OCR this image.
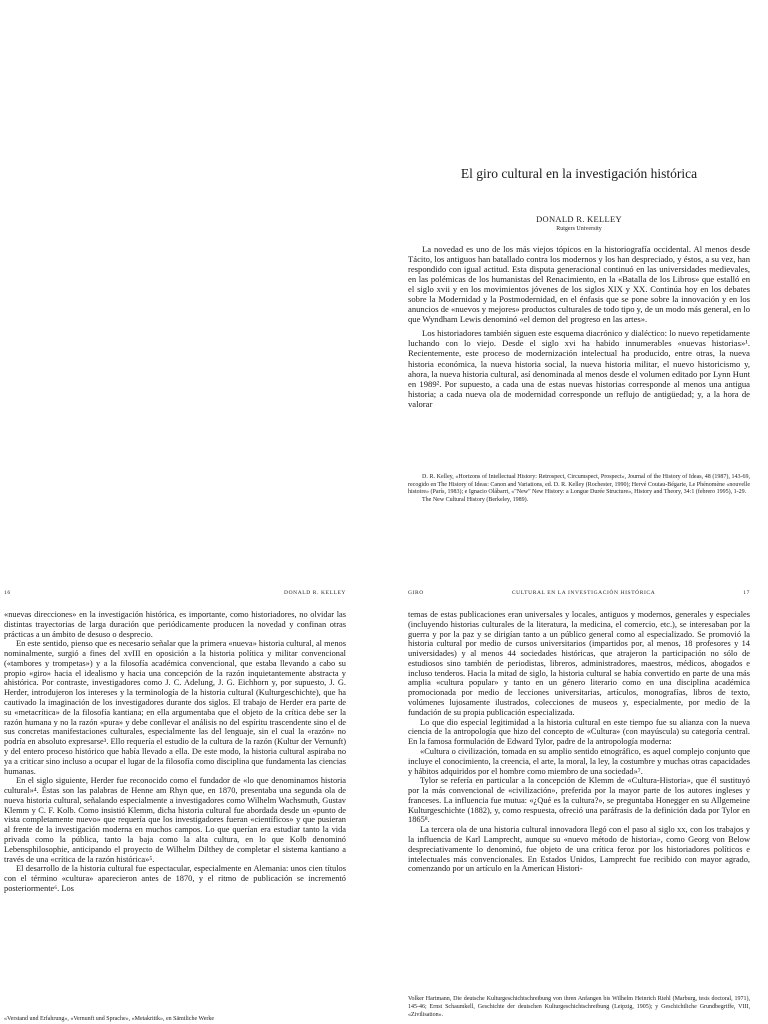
El giro cultural en la investigación histórica
DONALD R. KELLEY
Rutgers University

La novedad es uno de los más viejos tópicos en la historiografía occidental. Al menos desde Tácito, los antiguos han batallado contra los modernos y los han despreciado, y éstos, a su vez, han respondido con igual actitud. Esta disputa generacional continuó en las universidades medievales, en las polémicas de los humanistas del Renacimiento, en la «Batalla de los Libros» que estalló en el siglo xvii y en los movimientos jóvenes de los siglos XIX y XX. Continúa hoy en los debates sobre la Modernidad y la Postmodernidad, en el énfasis que se pone sobre la innovación y en los anuncios de «nuevos y mejores» productos culturales de todo tipo y, de un modo más general, en lo que Wyndham Lewis denominó «el demon del progreso en las artes».

Los historiadores también siguen este esquema diacrónico y dialéctico: lo nuevo repetidamente luchando con lo viejo. Desde el siglo xvi ha habido innumerables «nuevas historias»¹. Recientemente, este proceso de modernización intelectual ha producido, entre otras, la nueva historia económica, la nueva historia social, la nueva historia militar, el nuevo historicismo y, ahora, la nueva historia cultural, así denominada al menos desde el volumen editado por Lynn Hunt en 1989². Por supuesto, a cada una de estas nuevas historias corresponde al menos una antigua historia; a cada nueva ola de modernidad corresponde un reflujo de antigüedad; y, a la hora de valorar

D. R. Kelley, «Horizons of Intellectual History: Retrospect, Circumspect, Prospect», Journal of the History of Ideas, 48 (1987), 143-69, recogido en The History of Ideas: Canon and Variations, ed. D. R. Kelley (Rochester, 1990); Hervé Coutau-Bégarie, Le Phénomène «nouvelle histoire» (París, 1983); e Ignacio Olábarri, «"New" New History: a Longue Durée Structure», History and Theory, 34:1 (febrero 1995), 1-29.

The New Cultural History (Berkeley, 1989).

16	DONALD R. KELLEY

«nuevas direcciones» en la investigación histórica, es importante, como historiadores, no olvidar las distintas trayectorias de larga duración que periódicamente producen la novedad y confinan otras prácticas a un ámbito de desuso o desprecio.

En este sentido, pienso que es necesario señalar que la primera «nueva» historia cultural, al menos nominalmente, surgió a fines del xvIII en oposición a la historia política y militar convencional («tambores y trompetas») y a la filosofía académica convencional, que estaba llevando a cabo su propio «giro» hacia el idealismo y hacia una concepción de la razón inquietantemente abstracta y ahistórica. Por contraste, investigadores como J. C. Adelung, J. G. Eichhorn y, por supuesto, J. G. Herder, introdujeron los intereses y la terminología de la historia cultural (Kulturgeschichte), que ha cautivado la imaginación de los investigadores durante dos siglos. El trabajo de Herder era parte de su «metacrítica» de la filosofía kantiana; en ella argumentaba que el objeto de la crítica debe ser la razón humana y no la razón «pura» y debe conllevar el análisis no del espíritu trascendente sino el de sus concretas manifestaciones culturales, especialmente las del lenguaje, sin el cual la «razón» no podría en absoluto expresarse³. Ello requería el estudio de la cultura de la razón (Kultur der Vernunft) y del entero proceso histórico que había llevado a ella. De este modo, la historia cultural aspiraba no ya a criticar sino incluso a ocupar el lugar de la filosofía como disciplina que fundamenta las ciencias humanas.

En el siglo siguiente, Herder fue reconocido como el fundador de «lo que denominamos historia cultural»⁴. Éstas son las palabras de Henne am Rhyn que, en 1870, presentaba una segunda ola de nueva historia cultural, señalando especialmente a investigadores como Wilhelm Wachsmuth, Gustav Klemm y C. F. Kolb. Como insistió Klemm, dicha historia cultural fue abordada desde un «punto de vista completamente nuevo» que requería que los investigadores fueran «científicos» y que pusieran al frente de la investigación moderna en muchos campos. Lo que querían era estudiar tanto la vida privada como la pública, tanto la baja como la alta cultura, en lo que Kolb denominó Lebensphilosophie, anticipando el proyecto de Wilhelm Dilthey de completar el sistema kantiano a través de una «crítica de la razón histórica»⁵.

El desarrollo de la historia cultural fue espectacular, especialmente en Alemania: unos cien títulos con el término «cultura» aparecieron antes de 1870, y el ritmo de publicación se incrementó posteriormente⁶. Los

«Verstand und Erfahrung», «Vernunft und Sprache», «Metakritik», en Sämtliche Werke
GIRO	CULTURAL EN LA INVESTIGACIÓN HISTÓRICA	17

temas de estas publicaciones eran universales y locales, antiguos y modernos, generales y especiales (incluyendo historias culturales de la literatura, la medicina, el comercio, etc.), se interesaban por la guerra y por la paz y se dirigían tanto a un público general como al especializado. Se promovió la historia cultural por medio de cursos universitarios (impartidos por, al menos, 18 profesores y 14 universidades) y al menos 44 sociedades históricas, que atrajeron la participación no sólo de estudiosos sino también de periodistas, libreros, administradores, maestros, médicos, abogados e incluso tenderos. Hacia la mitad de siglo, la historia cultural se había convertido en parte de una más amplia «cultura popular» y tanto en un género literario como en una disciplina académica promocionada por medio de lecciones universitarias, artículos, monografías, libros de texto, volúmenes lujosamente ilustrados, colecciones de museos y, especialmente, por medio de la fundación de su propia publicación especializada.

Lo que dio especial legitimidad a la historia cultural en este tiempo fue su alianza con la nueva ciencia de la antropología que hizo del concepto de «Cultura» (con mayúscula) su categoría central. En la famosa formulación de Edward Tylor, padre de la antropología moderna:

«Cultura o civilización, tomada en su amplio sentido etnográfico, es aquel complejo conjunto que incluye el conocimiento, la creencia, el arte, la moral, la ley, la costumbre y muchas otras capacidades y hábitos adquiridos por el hombre como miembro de una sociedad»⁷.

Tylor se refería en particular a la concepción de Klemm de «Cultura-Historia», que él sustituyó por la más convencional de «civilización», preferida por la mayor parte de los autores ingleses y franceses. La influencia fue mutua: «¿Qué es la cultura?», se preguntaba Honegger en su Allgemeine Kulturgeschichte (1882), y, como respuesta, ofreció una paráfrasis de la definición dada por Tylor en 1865⁸.

La tercera ola de una historia cultural innovadora llegó con el paso al siglo xx, con los trabajos y la influencia de Karl Lamprecht, aunque su «nuevo método de historia», como Georg von Below despreciativamente lo denominó, fue objeto de una crítica feroz por los historiadores políticos e intelectuales más convencionales. En Estados Unidos, Lamprecht fue recibido con mayor agrado, comenzando por un artículo en la American Histori-

Volker Hartmann, Die deutsche Kulturgeschichtschreibung von ihren Anfangen bis Wilhelm Heinrich Riehl (Marburg, tesis doctoral, 1971), 145-46; Ernst Schaumkell, Geschichte der deutschen Kulturgeschichtschreibung (Leipzig, 1905); y Geschichtliche Grundbegriffe, VIII, «Zivilisation».
